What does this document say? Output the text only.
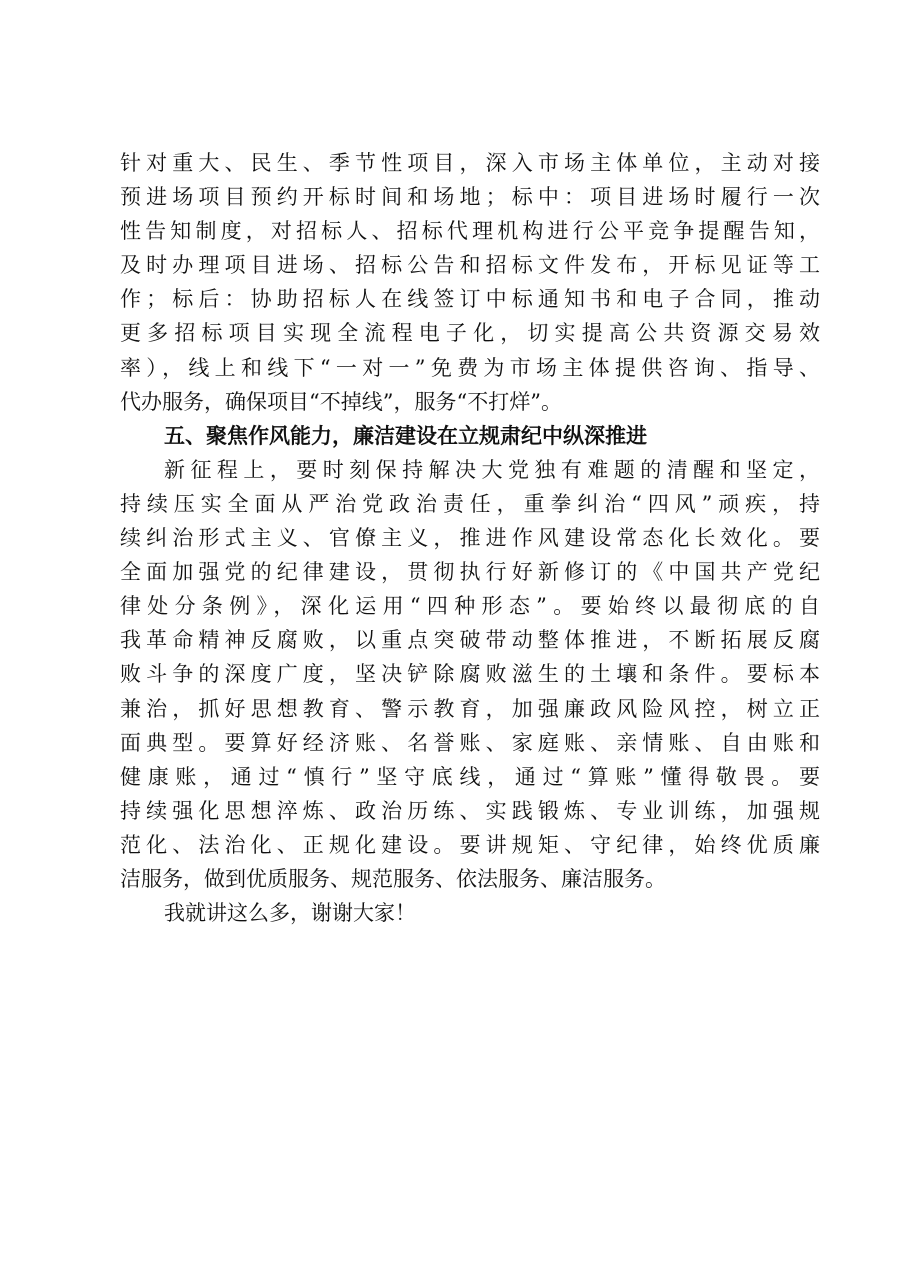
针对重大、民生、季节性项目，深入市场主体单位，主动对接
预进场项目预约开标时间和场地；标中：项目进场时履行一次
性告知制度，对招标人、招标代理机构进行公平竞争提醒告知，
及时办理项目进场、招标公告和招标文件发布，开标见证等工
作；标后：协助招标人在线签订中标通知书和电子合同，推动
更多招标项目实现全流程电子化，切实提高公共资源交易效
率），线上和线下“一对一”免费为市场主体提供咨询、指导、
代办服务，确保项目“不掉线”，服务“不打烊”。
五、聚焦作风能力，廉洁建设在立规肃纪中纵深推进
新征程上，要时刻保持解决大党独有难题的清醒和坚定，
持续压实全面从严治党政治责任，重拳纠治“四风”顽疾，持
续纠治形式主义、官僚主义，推进作风建设常态化长效化。要
全面加强党的纪律建设，贯彻执行好新修订的《中国共产党纪
律处分条例》，深化运用“四种形态”。要始终以最彻底的自
我革命精神反腐败，以重点突破带动整体推进，不断拓展反腐
败斗争的深度广度，坚决铲除腐败滋生的土壤和条件。要标本
兼治，抓好思想教育、警示教育，加强廉政风险风控，树立正
面典型。要算好经济账、名誉账、家庭账、亲情账、自由账和
健康账，通过“慎行”坚守底线，通过“算账”懂得敬畏。要
持续强化思想淬炼、政治历练、实践锻炼、专业训练，加强规
范化、法治化、正规化建设。要讲规矩、守纪律，始终优质廉
洁服务，做到优质服务、规范服务、依法服务、廉洁服务。
我就讲这么多，谢谢大家！
